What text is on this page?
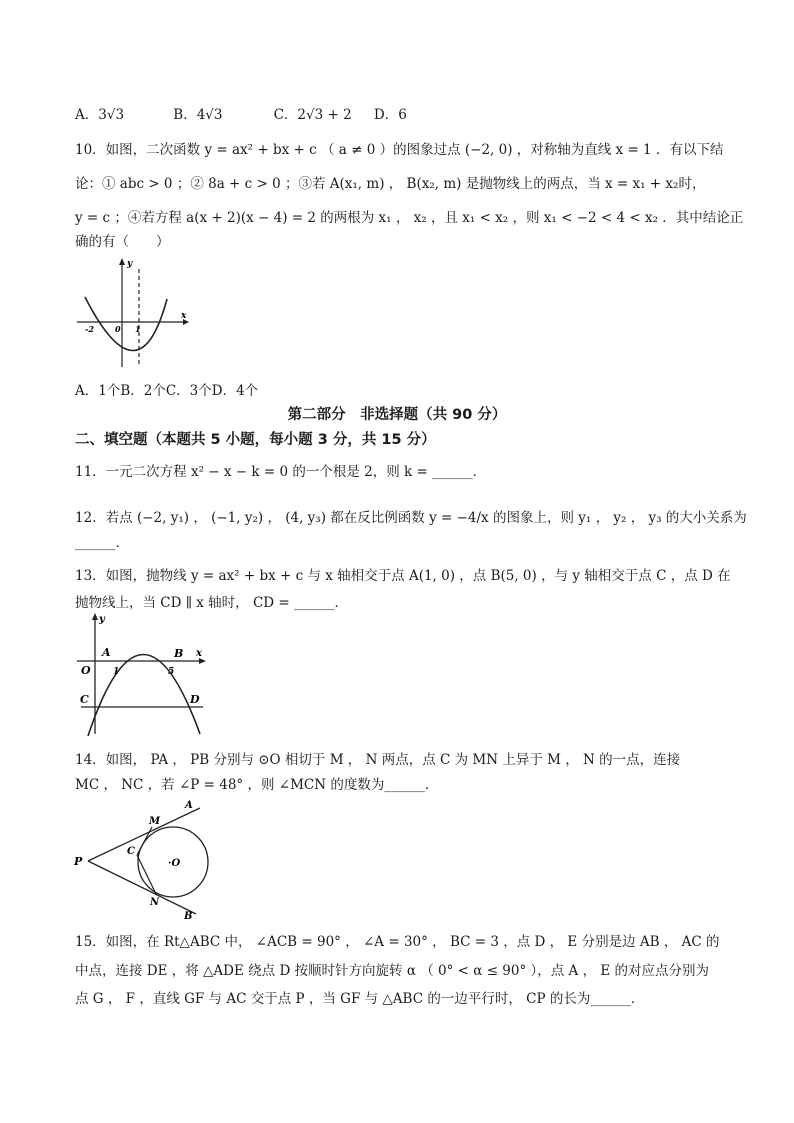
A．3√3	B．4√3	C．2√3 + 2 D．6
10．如图，二次函数 y = ax² + bx + c （ a ≠ 0 ）的图象过点 (−2, 0) ，对称轴为直线 x = 1 ．有以下结
论：① abc > 0 ；② 8a + c > 0 ；③若 A(x₁, m) ， B(x₂, m) 是抛物线上的两点，当 x = x₁ + x₂时，
y = c ；④若方程 a(x + 2)(x − 4) = 2 的两根为 x₁ ， x₂ ，且 x₁ < x₂ ，则 x₁ < −2 < 4 < x₂ ．其中结论正
确的有（　　）
y
x
0
-2	1
A．1个B．2个C．3个D．4个
第二部分　非选择题（共 90 分）
二、填空题（本题共 5 小题，每小题 3 分，共 15 分）
11．一元二次方程 x² − x − k = 0 的一个根是 2，则 k = ______．
12．若点 (−2, y₁) ， (−1, y₂) ， (4, y₃) 都在反比例函数 y = −4/x 的图象上，则 y₁ ， y₂ ， y₃ 的大小关系为
______．
13．如图，抛物线 y = ax² + bx + c 与 x 轴相交于点 A(1, 0) ，点 B(5, 0) ，与 y 轴相交于点 C ，点 D 在
抛物线上，当 CD ∥ x 轴时， CD = ______．
y
x
O
A	B
1	5
C	D
14．如图， PA ， PB 分别与 ⊙O 相切于 M ， N 两点，点 C 为 MN 上异于 M ， N 的一点，连接
MC ， NC ，若 ∠P = 48° ，则 ∠MCN 的度数为______．
P
A
B
M
N
C
·O
15．如图，在 Rt△ABC 中， ∠ACB = 90° ， ∠A = 30° ， BC = 3 ，点 D ， E 分别是边 AB ， AC 的
中点，连接 DE ，将 △ADE 绕点 D 按顺时针方向旋转 α （ 0° < α ≤ 90° ），点 A ， E 的对应点分别为
点 G ， F ，直线 GF 与 AC 交于点 P ，当 GF 与 △ABC 的一边平行时， CP 的长为______．
